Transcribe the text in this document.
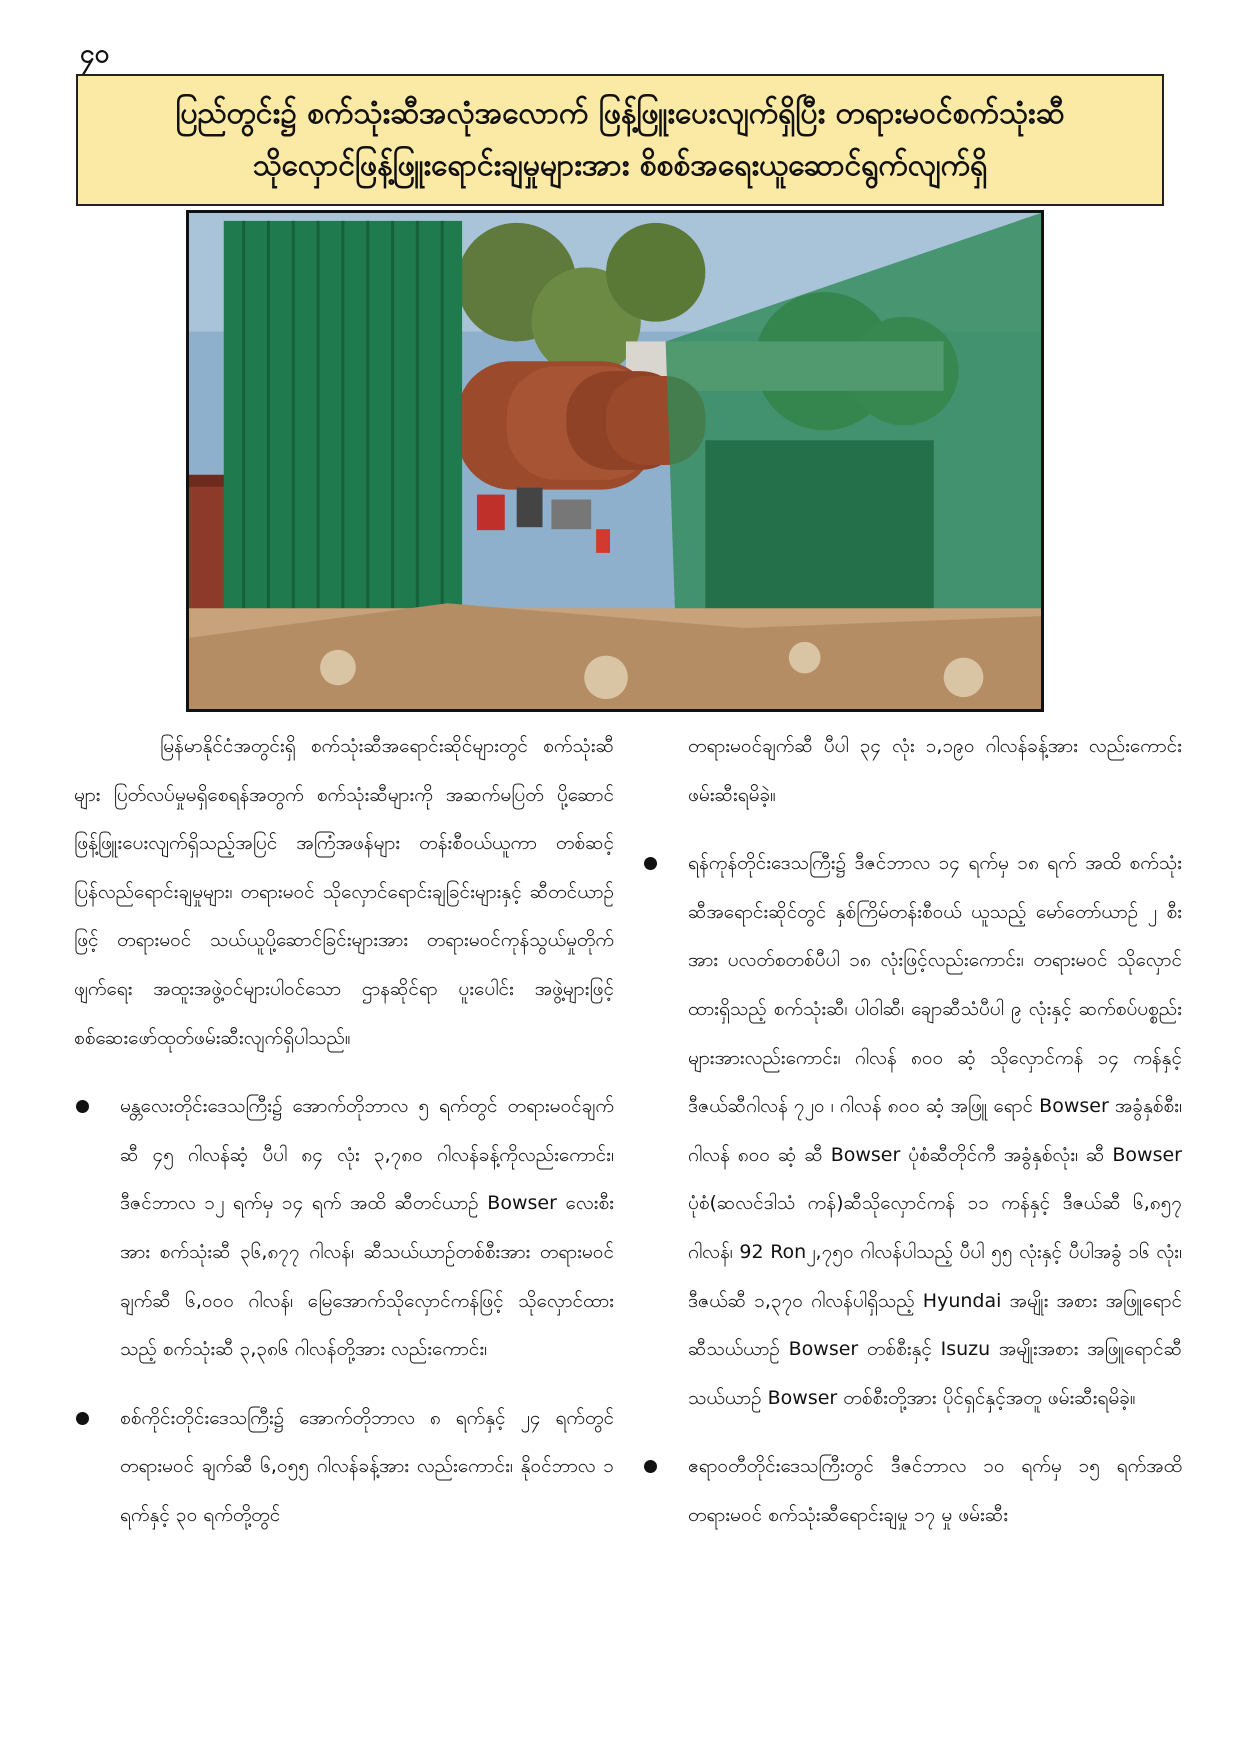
၄၀
ပြည်တွင်း၌ စက်သုံးဆီအလုံအလောက် ဖြန့်ဖြူးပေးလျက်ရှိပြီး တရားမဝင်စက်သုံးဆီ
သိုလှောင်ဖြန့်ဖြူးရောင်းချမှုများအား စိစစ်အရေးယူဆောင်ရွက်လျက်ရှိ

မြန်မာနိုင်ငံအတွင်းရှိ စက်သုံးဆီအရောင်းဆိုင်များတွင် စက်သုံးဆီများ ပြတ်လပ်မှုမရှိစေရန်အတွက် စက်သုံးဆီများကို အဆက်မပြတ် ပို့ဆောင်ဖြန့်ဖြူးပေးလျက်ရှိသည့်အပြင် အကြံအဖန်များ တန်းစီဝယ်ယူကာ တစ်ဆင့်ပြန်လည်ရောင်းချမှုများ၊ တရားမဝင် သိုလှောင်ရောင်းချခြင်းများနှင့် ဆီတင်ယာဉ်ဖြင့် တရားမဝင် သယ်ယူပို့ဆောင်ခြင်းများအား တရားမဝင်ကုန်သွယ်မှုတိုက် ဖျက်ရေး အထူးအဖွဲ့ဝင်များပါဝင်သော ဌာနဆိုင်ရာ ပူးပေါင်း အဖွဲ့များဖြင့် စစ်ဆေးဖော်ထုတ်ဖမ်းဆီးလျက်ရှိပါသည်။

မန္တလေးတိုင်းဒေသကြီး၌ အောက်တိုဘာလ ၅ ရက်တွင် တရားမဝင်ချက်ဆီ ၄၅ ဂါလန်ဆံ့ ပီပါ ၈၄ လုံး ၃,၇၈၀ ဂါလန်ခန့်ကိုလည်းကောင်း၊ ဒီဇင်ဘာလ ၁၂ ရက်မှ ၁၄ ရက် အထိ ဆီတင်ယာဉ် Bowser လေးစီးအား စက်သုံးဆီ ၃၆,၈၇၇ ဂါလန်၊ ဆီသယ်ယာဉ်တစ်စီးအား တရားမဝင် ချက်ဆီ ၆,၀၀၀ ဂါလန်၊ မြေအောက်သိုလှောင်ကန်ဖြင့် သိုလှောင်ထားသည့် စက်သုံးဆီ ၃,၃၈၆ ဂါလန်တို့အား လည်းကောင်း၊

စစ်ကိုင်းတိုင်းဒေသကြီး၌ အောက်တိုဘာလ ၈ ရက်နှင့် ၂၄ ရက်တွင် တရားမဝင် ချက်ဆီ ၆,၀၅၅ ဂါလန်ခန့်အား လည်းကောင်း၊ နိုဝင်ဘာလ ၁ ရက်နှင့် ၃၀ ရက်တို့တွင်

တရားမဝင်ချက်ဆီ ပီပါ ၃၄ လုံး ၁,၁၉၀ ဂါလန်ခန့်အား လည်းကောင်း ဖမ်းဆီးရမိခဲ့။

ရန်ကုန်တိုင်းဒေသကြီး၌ ဒီဇင်ဘာလ ၁၄ ရက်မှ ၁၈ ရက် အထိ စက်သုံးဆီအရောင်းဆိုင်တွင် နှစ်ကြိမ်တန်းစီဝယ် ယူသည့် မော်တော်ယာဉ် ၂ စီးအား ပလတ်စတစ်ပီပါ ၁၈ လုံးဖြင့်လည်းကောင်း၊ တရားမဝင် သိုလှောင်ထားရှိသည့် စက်သုံးဆီ၊ ပါဝါဆီ၊ ချောဆီသံပီပါ ၉ လုံးနှင့် ဆက်စပ်ပစ္စည်း များအားလည်းကောင်း၊ ဂါလန် ၈၀၀ ဆံ့ သိုလှောင်ကန် ၁၄ ကန်နှင့် ဒီဇယ်ဆီဂါလန် ၇၂၀ ၊ ဂါလန် ၈၀၀ ဆံ့ အဖြူ ရောင် Bowser အခွံနှစ်စီး၊ ဂါလန် ၈၀၀ ဆံ့ ဆီ Bowser ပုံစံဆီတိုင်ကီ အခွံနှစ်လုံး၊ ဆီ Bowser ပုံစံ(ဆလင်ဒါသံ ကန်)ဆီသိုလှောင်ကန် ၁၁ ကန်နှင့် ဒီဇယ်ဆီ ၆,၈၅၇ ဂါလန်၊ 92 Ron၂,၇၅၀ ဂါလန်ပါသည့် ပီပါ ၅၅ လုံးနှင့် ပီပါအခွံ ၁၆ လုံး၊ ဒီဇယ်ဆီ ၁,၃၇၀ ဂါလန်ပါရှိသည့် Hyundai အမျိုး အစား အဖြူရောင်ဆီသယ်ယာဉ် Bowser တစ်စီးနှင့် Isuzu အမျိုးအစား အဖြူရောင်ဆီသယ်ယာဉ် Bowser တစ်စီးတို့အား ပိုင်ရှင်နှင့်အတူ ဖမ်းဆီးရမိခဲ့။

ဧရာဝတီတိုင်းဒေသကြီးတွင် ဒီဇင်ဘာလ ၁၀ ရက်မှ ၁၅ ရက်အထိ တရားမဝင် စက်သုံးဆီရောင်းချမှု ၁၇ မှု ဖမ်းဆီး
